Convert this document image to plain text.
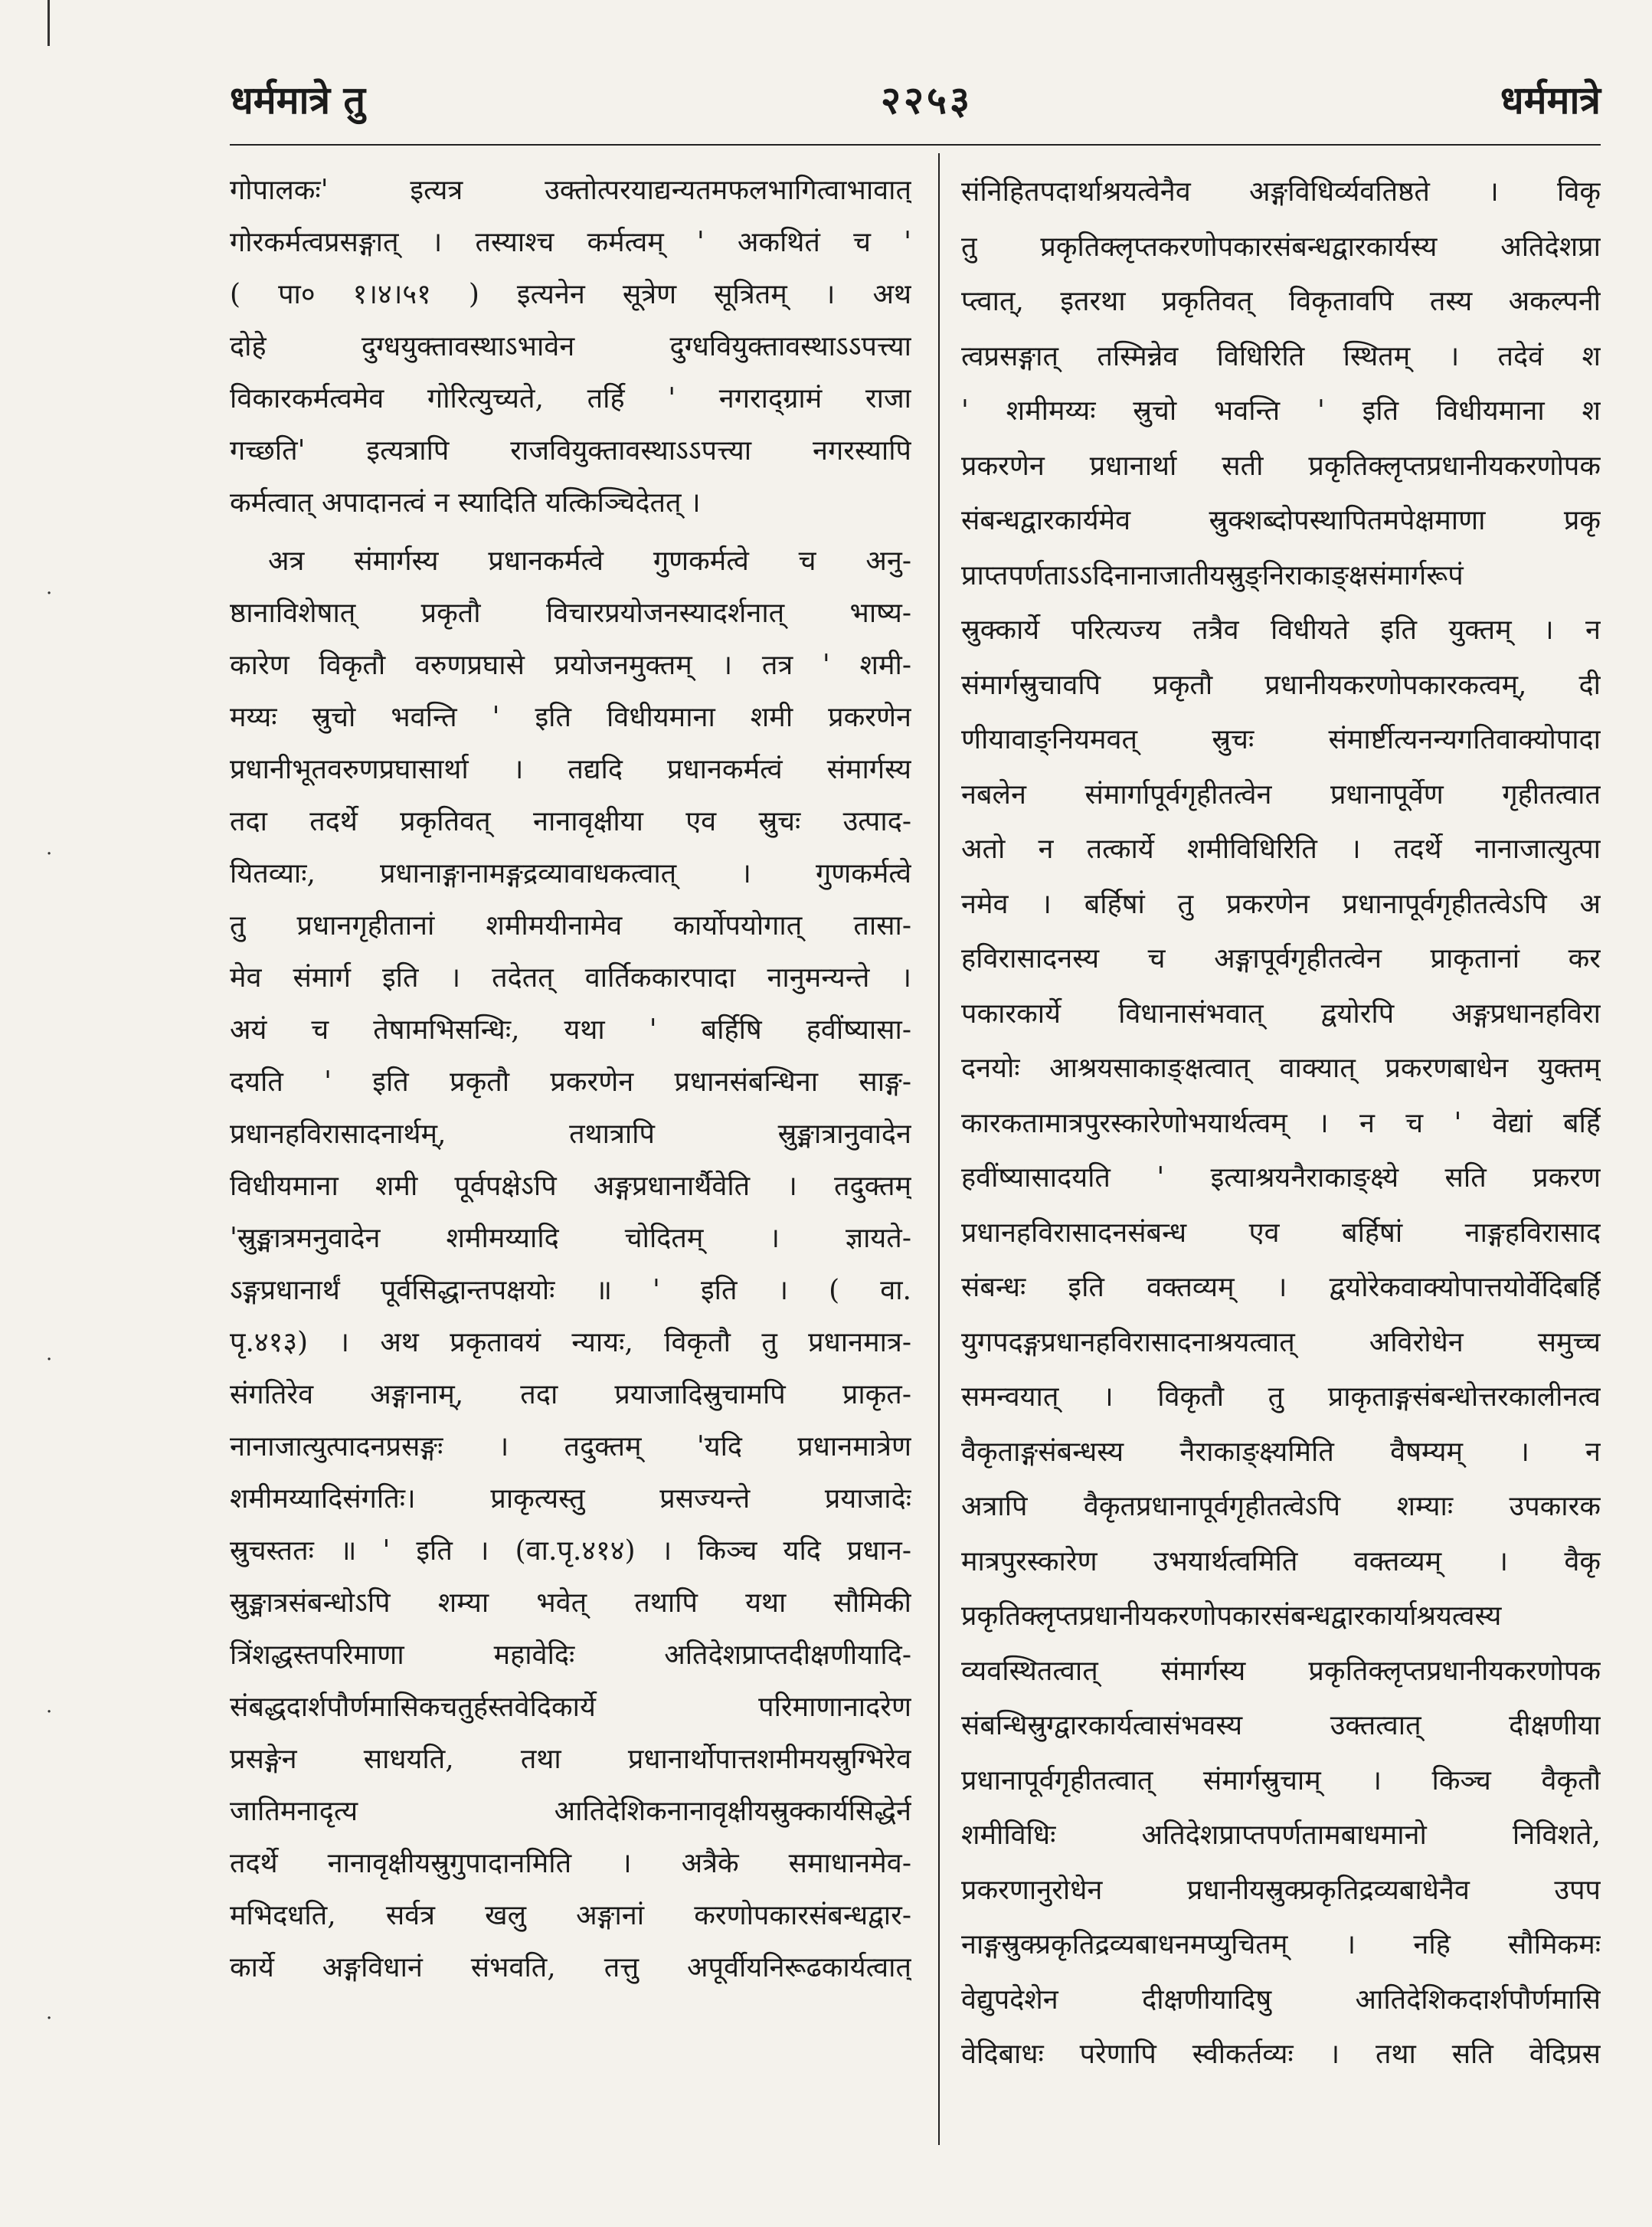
धर्ममात्रे तु	२२५३	धर्ममात्रे
गोपालकः' इत्यत्र उक्तोत्परयाद्यन्यतमफलभागित्वाभावात्
गोरकर्मत्वप्रसङ्गात् । तस्याश्च कर्मत्वम् ' अकथितं च '
( पा० १।४।५१ ) इत्यनेन सूत्रेण सूत्रितम् । अथ
दोहे दुग्धयुक्तावस्थाऽभावेन दुग्धवियुक्तावस्थाऽऽपत्त्या
विकारकर्मत्वमेव गोरित्युच्यते, तर्हि ' नगराद्ग्रामं राजा
गच्छति' इत्यत्रापि राजवियुक्तावस्थाऽऽपत्त्या नगरस्यापि
कर्मत्वात् अपादानत्वं न स्यादिति यत्किञ्चिदेतत् ।
अत्र संमार्गस्य प्रधानकर्मत्वे गुणकर्मत्वे च अनु-
ष्ठानाविशेषात् प्रकृतौ विचारप्रयोजनस्यादर्शनात् भाष्य-
कारेण विकृतौ वरुणप्रघासे प्रयोजनमुक्तम् । तत्र ' शमी-
मय्यः स्रुचो भवन्ति ' इति विधीयमाना शमी प्रकरणेन
प्रधानीभूतवरुणप्रघासार्था । तद्यदि प्रधानकर्मत्वं संमार्गस्य
तदा तदर्थे प्रकृतिवत् नानावृक्षीया एव स्रुचः उत्पाद-
यितव्याः, प्रधानाङ्गानामङ्गद्रव्यावाधकत्वात् । गुणकर्मत्वे
तु प्रधानगृहीतानां शमीमयीनामेव कार्योपयोगात् तासा-
मेव संमार्ग इति । तदेतत् वार्तिककारपादा नानुमन्यन्ते ।
अयं च तेषामभिसन्धिः, यथा ' बर्हिषि हवींष्यासा-
दयति ' इति प्रकृतौ प्रकरणेन प्रधानसंबन्धिना साङ्ग-
प्रधानहविरासादनार्थम्, तथात्रापि स्रुङ्मात्रानुवादेन
विधीयमाना शमी पूर्वपक्षेऽपि अङ्गप्रधानार्थैवेति । तदुक्तम्
'स्रुङ्मात्रमनुवादेन शमीमय्यादि चोदितम् । ज्ञायते-
ऽङ्गप्रधानार्थं पूर्वसिद्धान्तपक्षयोः ॥ ' इति । ( वा.
पृ.४१३) । अथ प्रकृतावयं न्यायः, विकृतौ तु प्रधानमात्र-
संगतिरेव अङ्गानाम्, तदा प्रयाजादिस्रुचामपि प्राकृत-
नानाजात्युत्पादनप्रसङ्गः । तदुक्तम् 'यदि प्रधानमात्रेण
शमीमय्यादिसंगतिः। प्राकृत्यस्तु प्रसज्यन्ते प्रयाजादेः
स्रुचस्ततः ॥ ' इति । (वा.पृ.४१४) । किञ्च यदि प्रधान-
स्रुङ्मात्रसंबन्धोऽपि शम्या भवेत् तथापि यथा सौमिकी
त्रिंशद्धस्तपरिमाणा महावेदिः अतिदेशप्राप्तदीक्षणीयादि-
संबद्धदार्शपौर्णमासिकचतुर्हस्तवेदिकार्ये परिमाणानादरेण
प्रसङ्गेन साधयति, तथा प्रधानार्थोपात्तशमीमयस्रुग्भिरेव
जातिमनादृत्य आतिदेशिकनानावृक्षीयस्रुक्कार्यसिद्धेर्न
तदर्थे नानावृक्षीयस्रुगुपादानमिति । अत्रैके समाधानमेव-
मभिदधति, सर्वत्र खलु अङ्गानां करणोपकारसंबन्धद्वार-
कार्ये अङ्गविधानं संभवति, तत्तु अपूर्वीयनिरूढकार्यत्वात्
संनिहितपदार्थाश्रयत्वेनैव अङ्गविधिर्व्यवतिष्ठते । विकृ
तु प्रकृतिक्लृप्तकरणोपकारसंबन्धद्वारकार्यस्य अतिदेशप्रा
प्त्वात्, इतरथा प्रकृतिवत् विकृतावपि तस्य अकल्पनी
त्वप्रसङ्गात् तस्मिन्नेव विधिरिति स्थितम् । तदेवं श
' शमीमय्यः स्रुचो भवन्ति ' इति विधीयमाना श
प्रकरणेन प्रधानार्था सती प्रकृतिक्लृप्तप्रधानीयकरणोपक
संबन्धद्वारकार्यमेव स्रुक्शब्दोपस्थापितमपेक्षमाणा प्रकृ
प्राप्तपर्णताऽऽदिनानाजातीयस्रुङ्निराकाङ्क्षसंमार्गरूपं
स्रुक्कार्ये परित्यज्य तत्रैव विधीयते इति युक्तम् । न
संमार्गस्रुचावपि प्रकृतौ प्रधानीयकरणोपकारकत्वम्, दी
णीयावाङ्नियमवत् स्रुचः संमार्ष्टीत्यनन्यगतिवाक्योपादा
नबलेन संमार्गापूर्वगृहीतत्वेन प्रधानापूर्वेण गृहीतत्वात
अतो न तत्कार्ये शमीविधिरिति । तदर्थे नानाजात्युत्पा
नमेव । बर्हिषां तु प्रकरणेन प्रधानापूर्वगृहीतत्वेऽपि अ
हविरासादनस्य च अङ्गापूर्वगृहीतत्वेन प्राकृतानां कर
पकारकार्ये विधानासंभवात् द्वयोरपि अङ्गप्रधानहविरा
दनयोः आश्रयसाकाङ्क्षत्वात् वाक्यात् प्रकरणबाधेन युक्तम्
कारकतामात्रपुरस्कारेणोभयार्थत्वम् । न च ' वेद्यां बर्हि
हवींष्यासादयति ' इत्याश्रयनैराकाङ्क्ष्ये सति प्रकरण
प्रधानहविरासादनसंबन्ध एव बर्हिषां नाङ्गहविरासाद
संबन्धः इति वक्तव्यम् । द्वयोरेकवाक्योपात्तयोर्वेदिबर्हि
युगपदङ्गप्रधानहविरासादनाश्रयत्वात् अविरोधेन समुच्च
समन्वयात् । विकृतौ तु प्राकृताङ्गसंबन्धोत्तरकालीनत्व
वैकृताङ्गसंबन्धस्य नैराकाङ्क्ष्यमिति वैषम्यम् । न
अत्रापि वैकृतप्रधानापूर्वगृहीतत्वेऽपि शम्याः उपकारक
मात्रपुरस्कारेण उभयार्थत्वमिति वक्तव्यम् । वैकृ
प्रकृतिक्लृप्तप्रधानीयकरणोपकारसंबन्धद्वारकार्याश्रयत्वस्य
व्यवस्थितत्वात् संमार्गस्य प्रकृतिक्लृप्तप्रधानीयकरणोपक
संबन्धिस्रुग्द्वारकार्यत्वासंभवस्य उक्तत्वात् दीक्षणीया
प्रधानापूर्वगृहीतत्वात् संमार्गस्रुचाम् । किञ्च वैकृतौ
शमीविधिः अतिदेशप्राप्तपर्णतामबाधमानो निविशते,
प्रकरणानुरोधेन प्रधानीयस्रुक्प्रकृतिद्रव्यबाधेनैव उपप
नाङ्गस्रुक्प्रकृतिद्रव्यबाधनमप्युचितम् । नहि सौमिकमः
वेद्युपदेशेन दीक्षणीयादिषु आतिदेशिकदार्शपौर्णमासि
वेदिबाधः परेणापि स्वीकर्तव्यः । तथा सति वेदिप्रस
·
·
·
·
·
